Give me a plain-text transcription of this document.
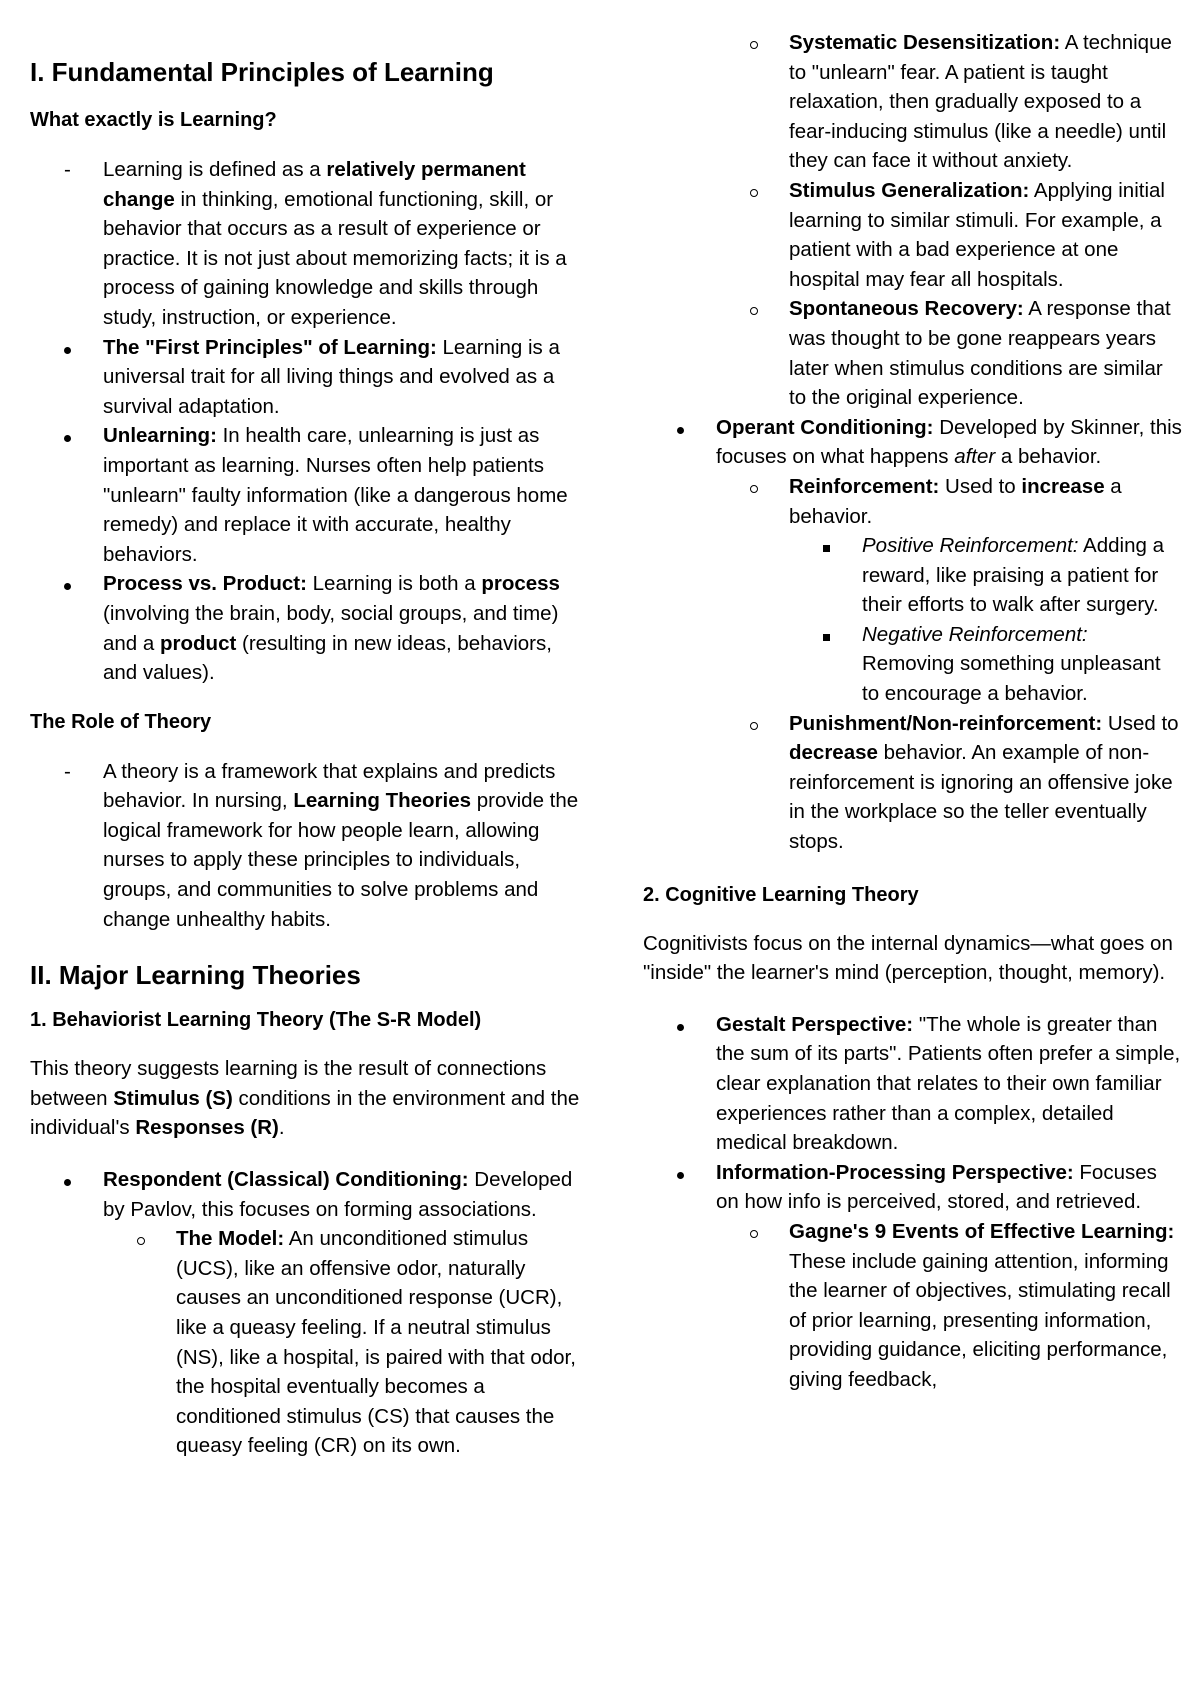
I. Fundamental Principles of Learning
What exactly is Learning?
- Learning is defined as a relatively permanent change in thinking, emotional functioning, skill, or behavior that occurs as a result of experience or practice. It is not just about memorizing facts; it is a process of gaining knowledge and skills through study, instruction, or experience.
The "First Principles" of Learning: Learning is a universal trait for all living things and evolved as a survival adaptation.
Unlearning: In health care, unlearning is just as important as learning. Nurses often help patients "unlearn" faulty information (like a dangerous home remedy) and replace it with accurate, healthy behaviors.
Process vs. Product: Learning is both a process (involving the brain, body, social groups, and time) and a product (resulting in new ideas, behaviors, and values).
The Role of Theory
- A theory is a framework that explains and predicts behavior. In nursing, Learning Theories provide the logical framework for how people learn, allowing nurses to apply these principles to individuals, groups, and communities to solve problems and change unhealthy habits.
II. Major Learning Theories
1. Behaviorist Learning Theory (The S-R Model)

This theory suggests learning is the result of connections between Stimulus (S) conditions in the environment and the individual's Responses (R).

Respondent (Classical) Conditioning: Developed by Pavlov, this focuses on forming associations.
The Model: An unconditioned stimulus (UCS), like an offensive odor, naturally causes an unconditioned response (UCR), like a queasy feeling. If a neutral stimulus (NS), like a hospital, is paired with that odor, the hospital eventually becomes a conditioned stimulus (CS) that causes the queasy feeling (CR) on its own.
Systematic Desensitization: A technique to "unlearn" fear. A patient is taught relaxation, then gradually exposed to a fear-inducing stimulus (like a needle) until they can face it without anxiety.
Stimulus Generalization: Applying initial learning to similar stimuli. For example, a patient with a bad experience at one hospital may fear all hospitals.
Spontaneous Recovery: A response that was thought to be gone reappears years later when stimulus conditions are similar to the original experience.
Operant Conditioning: Developed by Skinner, this focuses on what happens after a behavior.
Reinforcement: Used to increase a behavior.
Positive Reinforcement: Adding a reward, like praising a patient for their efforts to walk after surgery.
Negative Reinforcement: Removing something unpleasant to encourage a behavior.
Punishment/Non-reinforcement: Used to decrease behavior. An example of non-reinforcement is ignoring an offensive joke in the workplace so the teller eventually stops.
2. Cognitive Learning Theory

Cognitivists focus on the internal dynamics—what goes on "inside" the learner's mind (perception, thought, memory).

Gestalt Perspective: "The whole is greater than the sum of its parts". Patients often prefer a simple, clear explanation that relates to their own familiar experiences rather than a complex, detailed medical breakdown.
Information-Processing Perspective: Focuses on how info is perceived, stored, and retrieved.
Gagne's 9 Events of Effective Learning: These include gaining attention, informing the learner of objectives, stimulating recall of prior learning, presenting information, providing guidance, eliciting performance, giving feedback,
